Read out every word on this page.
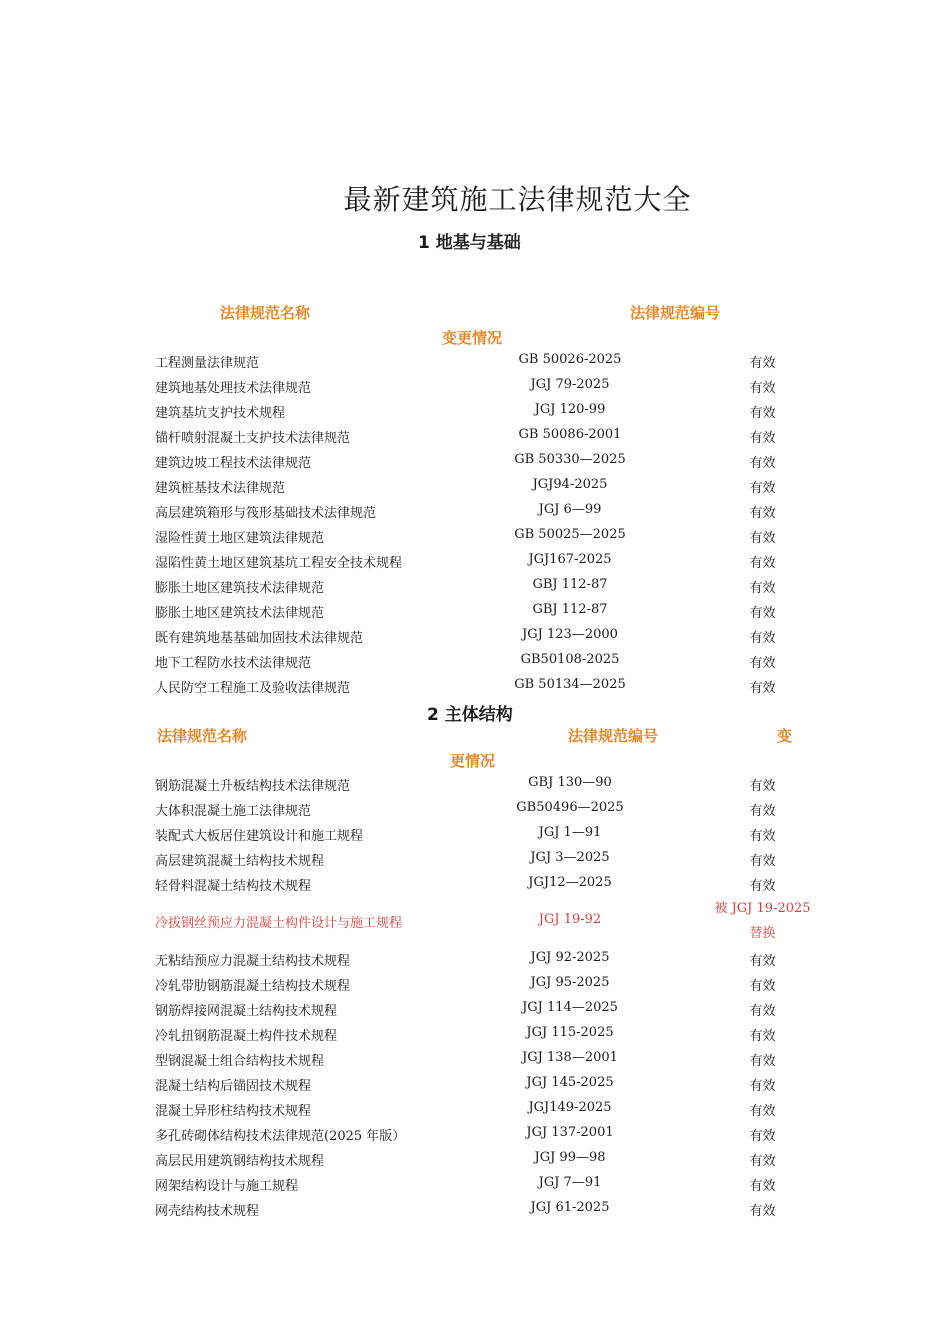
最新建筑施工法律规范大全
1 地基与基础
法律规范名称	法律规范编号
变更情况
工程测量法律规范	GB 50026-2025	有效
建筑地基处理技术法律规范	JGJ 79-2025	有效
建筑基坑支护技术规程	JGJ 120-99	有效
锚杆喷射混凝土支护技术法律规范	GB 50086-2001	有效
建筑边坡工程技术法律规范	GB 50330—2025	有效
建筑桩基技术法律规范	JGJ94-2025	有效
高层建筑箱形与筏形基础技术法律规范	JGJ 6—99	有效
湿险性黄土地区建筑法律规范	GB 50025—2025	有效
湿陷性黄土地区建筑基坑工程安全技术规程	JGJ167-2025	有效
膨胀土地区建筑技术法律规范	GBJ 112-87	有效
膨胀土地区建筑技术法律规范	GBJ 112-87	有效
既有建筑地基基础加固技术法律规范	JGJ 123—2000	有效
地下工程防水技术法律规范	GB50108-2025	有效
人民防空工程施工及验收法律规范	GB 50134—2025	有效
2 主体结构
法律规范名称	法律规范编号	变
更情况
钢筋混凝土升板结构技术法律规范	GBJ 130—90	有效
大体积混凝土施工法律规范	GB50496—2025	有效
装配式大板居住建筑设计和施工规程	JGJ 1—91	有效
高层建筑混凝土结构技术规程	JGJ 3—2025	有效
轻骨料混凝土结构技术规程	JGJ12—2025	有效
冷拔钢丝预应力混凝土构件设计与施工规程	JGJ 19-92
被 JGJ 19-2025 替换
无粘结预应力混凝土结构技术规程	JGJ 92-2025	有效
冷轧带肋钢筋混凝土结构技术规程	JGJ 95-2025	有效
钢筋焊接网混凝土结构技术规程	JGJ 114—2025	有效
冷轧扭钢筋混凝土构件技术规程	JGJ 115-2025	有效
型钢混凝土组合结构技术规程	JGJ 138—2001	有效
混凝土结构后锚固技术规程	JGJ 145-2025	有效
混凝土异形柱结构技术规程	JGJ149-2025	有效
多孔砖砌体结构技术法律规范(2025 年版）	JGJ 137-2001	有效
高层民用建筑钢结构技术规程	JGJ 99—98	有效
网架结构设计与施工规程	JGJ 7—91	有效
网壳结构技术规程	JGJ 61-2025	有效
